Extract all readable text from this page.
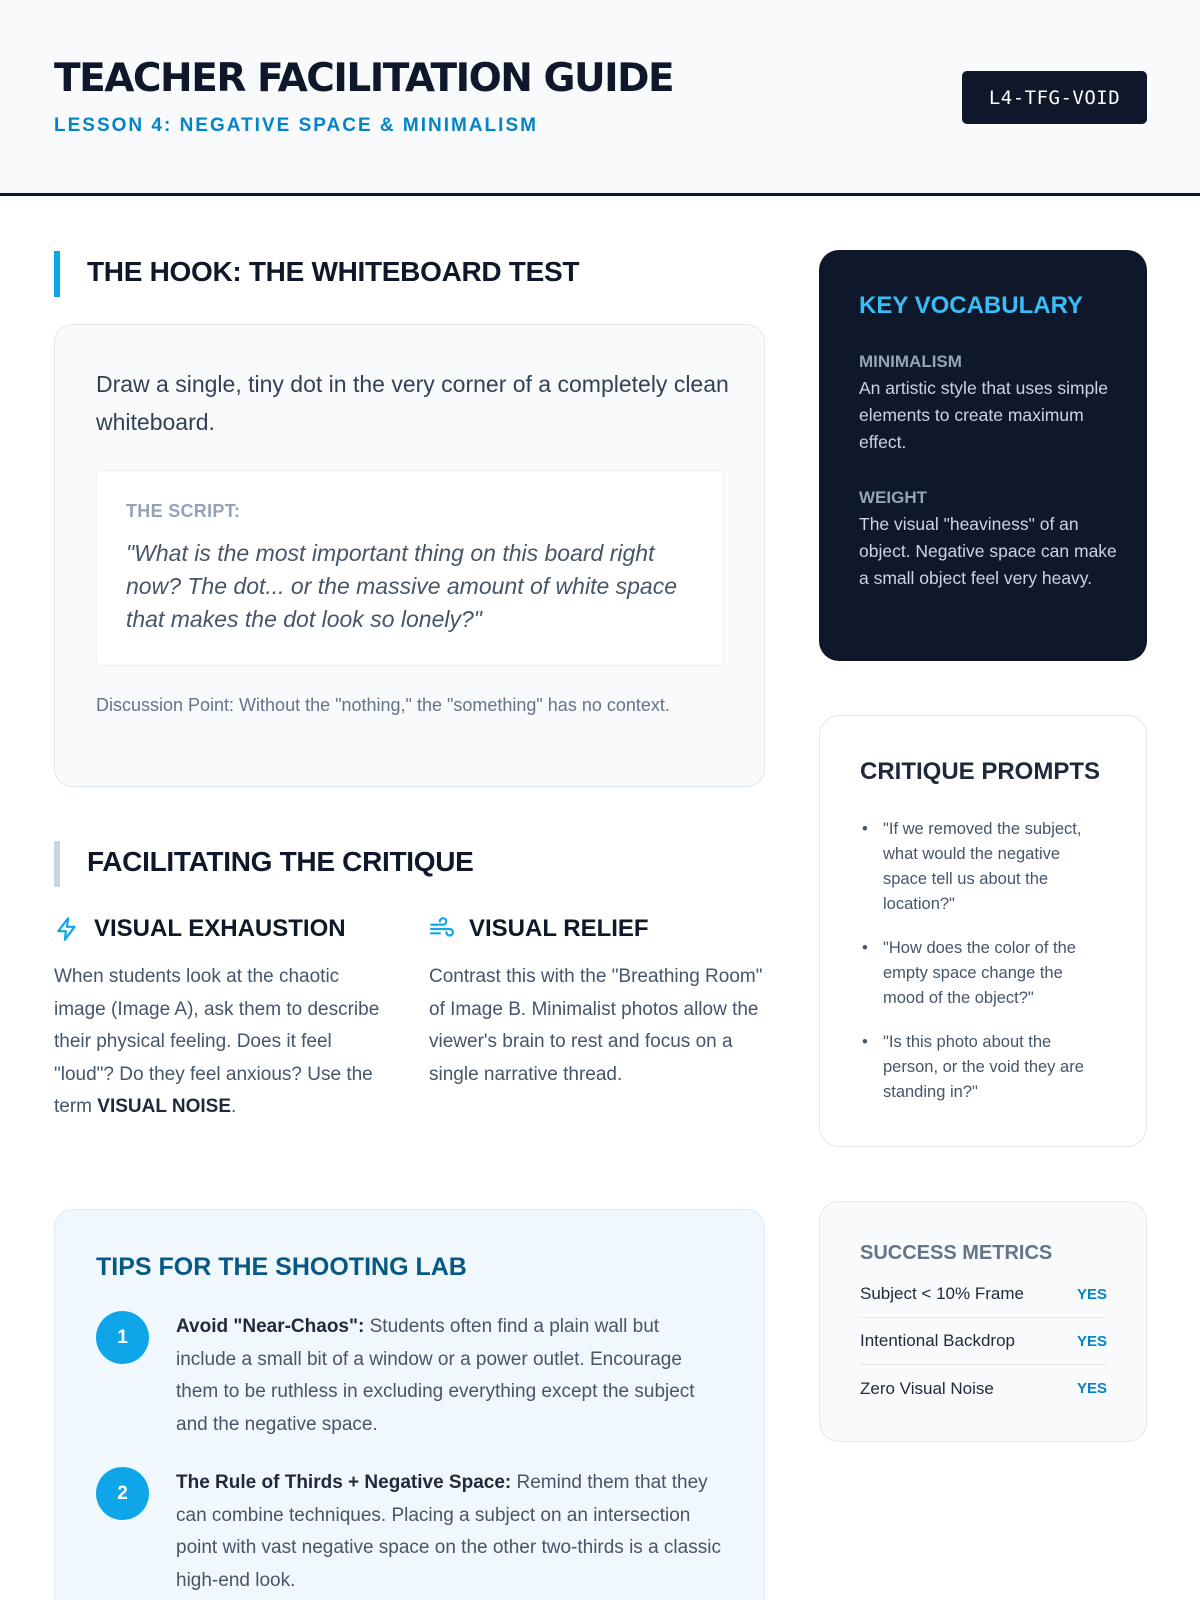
TEACHER FACILITATION GUIDE
LESSON 4: NEGATIVE SPACE & MINIMALISM
L4-TFG-VOID
THE HOOK: THE WHITEBOARD TEST
Draw a single, tiny dot in the very corner of a completely clean whiteboard.
THE SCRIPT:
"What is the most important thing on this board right now? The dot... or the massive amount of white space that makes the dot look so lonely?"
Discussion Point: Without the "nothing," the "something" has no context.
FACILITATING THE CRITIQUE
VISUAL EXHAUSTION
When students look at the chaotic image (Image A), ask them to describe their physical feeling. Does it feel "loud"? Do they feel anxious? Use the term VISUAL NOISE.
VISUAL RELIEF
Contrast this with the "Breathing Room" of Image B. Minimalist photos allow the viewer's brain to rest and focus on a single narrative thread.
TIPS FOR THE SHOOTING LAB
1	Avoid "Near-Chaos": Students often find a plain wall but include a small bit of a window or a power outlet. Encourage them to be ruthless in excluding everything except the subject and the negative space.
2	The Rule of Thirds + Negative Space: Remind them that they can combine techniques. Placing a subject on an intersection point with vast negative space on the other two-thirds is a classic high-end look.
KEY VOCABULARY
MINIMALISM
An artistic style that uses simple elements to create maximum effect.
WEIGHT
The visual "heaviness" of an object. Negative space can make a small object feel very heavy.
CRITIQUE PROMPTS
• "If we removed the subject, what would the negative space tell us about the location?"
• "How does the color of the empty space change the mood of the object?"
• "Is this photo about the person, or the void they are standing in?"
SUCCESS METRICS
Subject < 10% Frame	YES
Intentional Backdrop	YES
Zero Visual Noise	YES
